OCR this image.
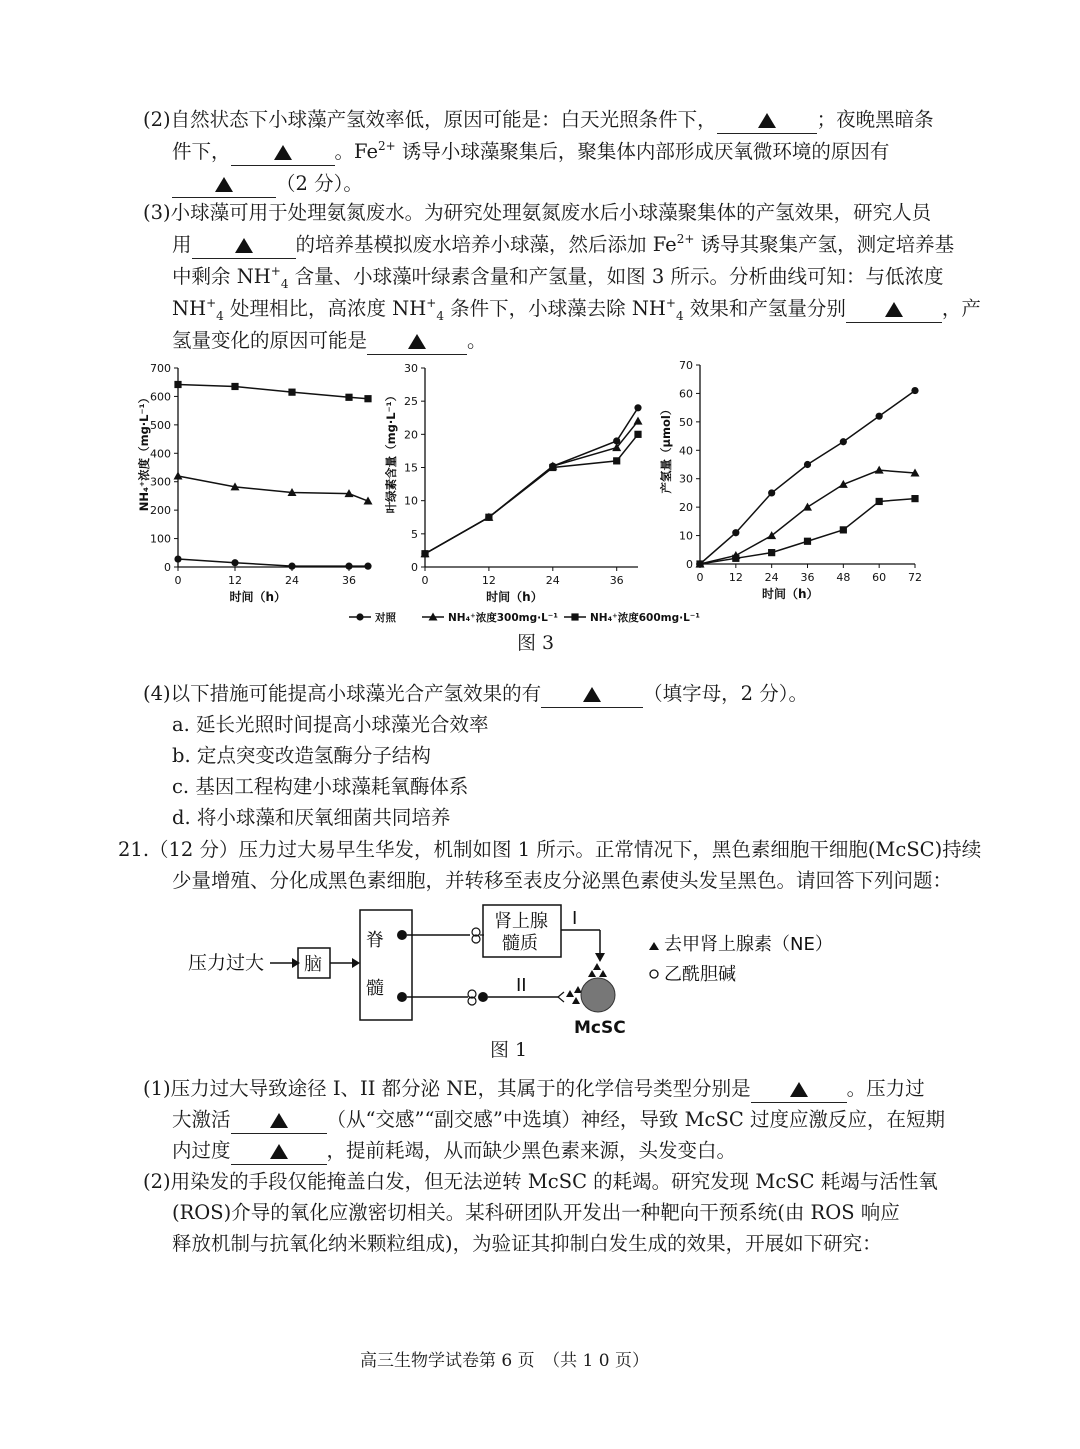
(2)自然状态下小球藻产氢效率低，原因可能是：白天光照条件下，	；夜晚黑暗条
件下，	。$Fe^{2+}$ 诱导小球藻聚集后，聚集体内部形成厌氧微环境的原因有
（2 分）。
(3)小球藻可用于处理氨氮废水。为研究处理氨氮废水后小球藻聚集体的产氢效果，研究人员
用	的培养基模拟废水培养小球藻，然后添加 $Fe^{2+}$ 诱导其聚集产氢，测定培养基
中剩余 $NH^+_4$ 含量、小球藻叶绿素含量和产氢量，如图 3 所示。分析曲线可知：与低浓度
$NH^+_4$ 处理相比，高浓度 $NH^+_4$ 条件下，小球藻去除 $NH^+_4$ 效果和产氢量分别	，产
氢量变化的原因可能是	。
0
100
200
300
400
500
600
700
0	12	24	36
时间（h）
NH₄⁺浓度（mg·L⁻¹）
0
5
10
15
20
25
30
0	12	24	36
时间（h）
叶绿素含量（mg·L⁻¹）
0
10
20
30
40
50
60
70
0 12 24 36 48 60 72
时间（h）
产氢量（μmol）
对照	NH₄⁺浓度300mg·L⁻¹	NH₄⁺浓度600mg·L⁻¹
图 3
(4)以下措施可能提高小球藻光合产氢效果的有	（填字母，2 分）。
a. 延长光照时间提高小球藻光合效率
b. 定点突变改造氢酶分子结构
c. 基因工程构建小球藻耗氧酶体系
d. 将小球藻和厌氧细菌共同培养
21.（12 分）压力过大易早生华发，机制如图 1 所示。正常情况下，黑色素细胞干细胞(McSC)持续
少量增殖、分化成黑色素细胞，并转移至表皮分泌黑色素使头发呈黑色。请回答下列问题：
压力过大 脑
脊
髓
肾上腺
髓质
I
II
McSC
去甲肾上腺素（NE）
乙酰胆碱
图 1
(1)压力过大导致途径 I、II 都分泌 NE，其属于的化学信号类型分别是	。压力过
大激活	（从“交感”“副交感”中选填）神经，导致 McSC 过度应激反应，在短期
内过度	，提前耗竭，从而缺少黑色素来源，头发变白。
(2)用染发的手段仅能掩盖白发，但无法逆转 McSC 的耗竭。研究发现 McSC 耗竭与活性氧
(ROS)介导的氧化应激密切相关。某科研团队开发出一种靶向干预系统(由 ROS 响应
释放机制与抗氧化纳米颗粒组成)，为验证其抑制白发生成的效果，开展如下研究：
高三生物学试卷第 6 页　（共 1 0 页）
